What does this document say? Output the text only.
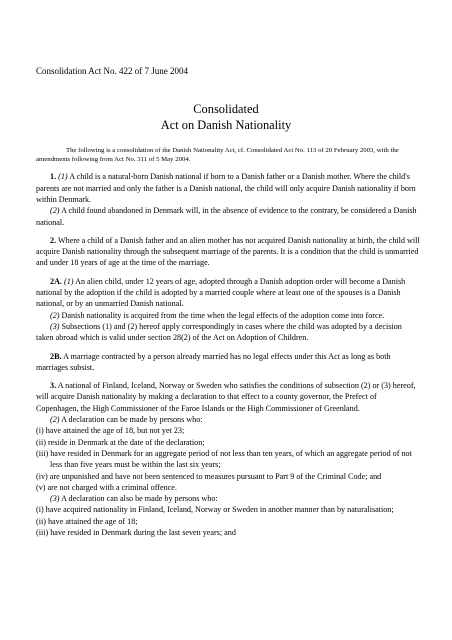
Consolidation Act No. 422 of 7 June 2004
Consolidated
Act on Danish Nationality

The following is a consolidation of the Danish Nationality Act, cf. Consolidated Act No. 113 of 20 February 2003, with the amendments following from Act No. 311 of 5 May 2004.

1. (1) A child is a natural-born Danish national if born to a Danish father or a Danish mother. Where the child's parents are not married and only the father is a Danish national, the child will only acquire Danish nationality if born within Denmark.

(2) A child found abandoned in Denmark will, in the absence of evidence to the contrary, be considered a Danish national.

2. Where a child of a Danish father and an alien mother has not acquired Danish nationality at birth, the child will acquire Danish nationality through the subsequent marriage of the parents. It is a condition that the child is unmarried and under 18 years of age at the time of the marriage.

2A. (1) An alien child, under 12 years of age, adopted through a Danish adoption order will become a Danish national by the adoption if the child is adopted by a married couple where at least one of the spouses is a Danish national, or by an unmarried Danish national.

(2) Danish nationality is acquired from the time when the legal effects of the adoption come into force.

(3) Subsections (1) and (2) hereof apply correspondingly in cases where the child was adopted by a decision taken abroad which is valid under section 28(2) of the Act on Adoption of Children.

2B. A marriage contracted by a person already married has no legal effects under this Act as long as both marriages subsist.

3. A national of Finland, Iceland, Norway or Sweden who satisfies the conditions of subsection (2) or (3) hereof, will acquire Danish nationality by making a declaration to that effect to a county governor, the Prefect of Copenhagen, the High Commissioner of the Faroe Islands or the High Commissioner of Greenland.

(2) A declaration can be made by persons who:

(i) have attained the age of 18, but not yet 23;
(ii) reside in Denmark at the date of the declaration;
(iii) have resided in Denmark for an aggregate period of not less than ten years, of which an aggregate period of not less than five years must be within the last six years;
(iv) are unpunished and have not been sentenced to measures pursuant to Part 9 of the Criminal Code; and
(v) are not charged with a criminal offence.

(3) A declaration can also be made by persons who:

(i) have acquired nationality in Finland, Iceland, Norway or Sweden in another manner than by naturalisation;
(ii) have attained the age of 18;
(iii) have resided in Denmark during the last seven years; and
